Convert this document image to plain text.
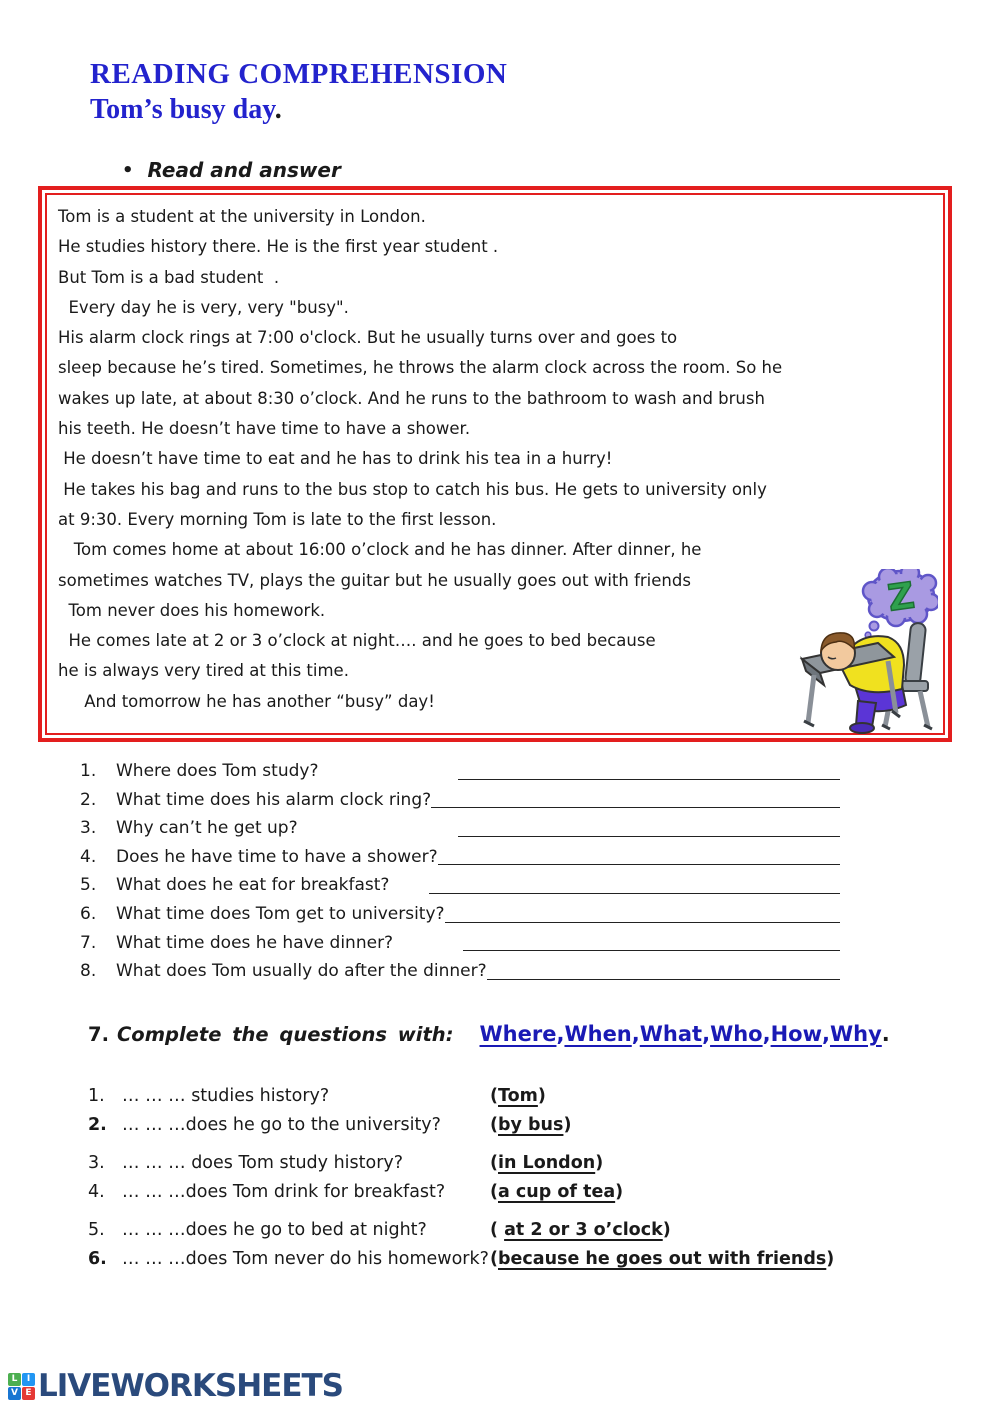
READING COMPREHENSION
Tom’s busy day.
• Read and answer
Tom is a student at the university in London.
He studies history there. He is the first year student .
But Tom is a bad student  .
Every day he is very, very "busy".
His alarm clock rings at 7:00 o'clock. But he usually turns over and goes to
sleep because he’s tired. Sometimes, he throws the alarm clock across the room. So he
wakes up late, at about 8:30 o’clock. And he runs to the bathroom to wash and brush
his teeth. He doesn’t have time to have a shower.
He doesn’t have time to eat and he has to drink his tea in a hurry!
He takes his bag and runs to the bus stop to catch his bus. He gets to university only
at 9:30. Every morning Tom is late to the first lesson.
Tom comes home at about 16:00 o’clock and he has dinner. After dinner, he
sometimes watches TV, plays the guitar but he usually goes out with friends
Tom never does his homework.
He comes late at 2 or 3 o’clock at night…. and he goes to bed because
he is always very tired at this time.
And tomorrow he has another “busy” day!
Z
1.	Where does Tom study?
2.	What time does his alarm clock ring?
3.	Why can’t he get up?
4.	Does he have time to have a shower?
5.	What does he eat for breakfast?
6.	What time does Tom get to university?
7.	What time does he have dinner?
8.	What does Tom usually do after the dinner?
7. Complete the questions with: Where , When , What , Who , How , Why .
1. … … … studies history?	(Tom)
2. … … …does he go to the university?	(by bus)
3. … … … does Tom study history?	(in London)
4. … … …does Tom drink for breakfast?	(a cup of tea)
5. … … …does he go to bed at night?	( at 2 or 3 o’clock)
6. … … …does Tom never do his homework? (because he goes out with friends)
L	I
V E LIVEWORKSHEETS
